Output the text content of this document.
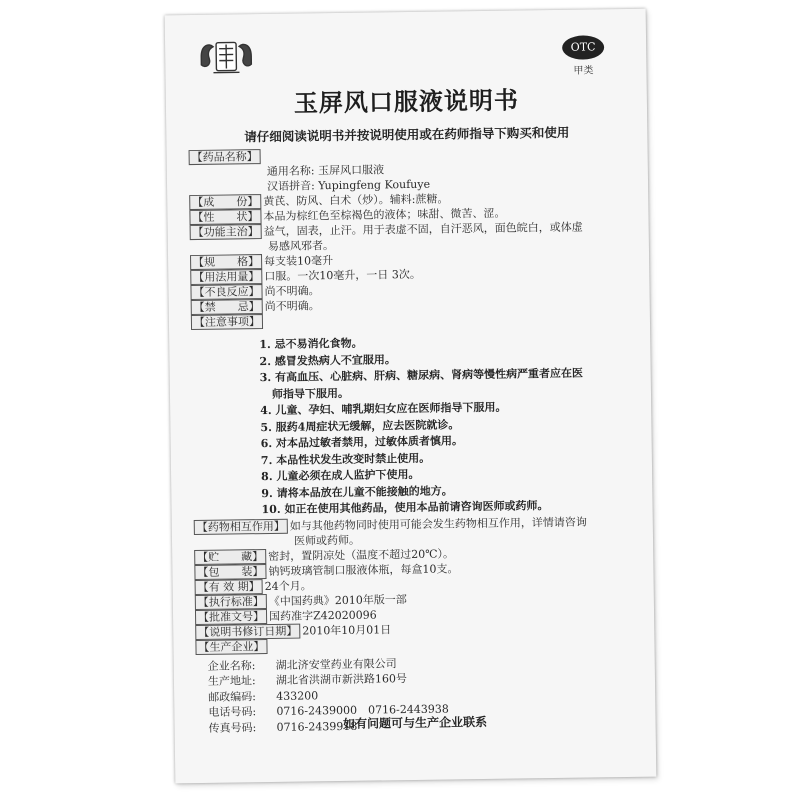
OTC
甲类
玉屏风口服液说明书
请仔细阅读说明书并按说明使用或在药师指导下购买和使用
【药品名称】
通用名称: 玉屏风口服液
汉语拼音: Yupingfeng Koufuye
【 成 份 】 黄芪、防风、白术（炒）。辅料:蔗糖。
【 性 状 】 本品为棕红色至棕褐色的液体；味甜、微苦、涩。
【功能主治】 益气，固表，止汗。用于表虚不固，自汗恶风，面色皖白，或体虚
易感风邪者。
【 规 格 】 每支装10毫升
【用法用量】 口服。一次10毫升，一日 3次。
【不良反应】 尚不明确。
【 禁 忌 】 尚不明确。
【注意事项】
1. 忌不易消化食物。
2. 感冒发热病人不宜服用。
3. 有高血压、心脏病、肝病、糖尿病、肾病等慢性病严重者应在医
师指导下服用。
4. 儿童、孕妇、哺乳期妇女应在医师指导下服用。
5. 服药4周症状无缓解，应去医院就诊。
6. 对本品过敏者禁用，过敏体质者慎用。
7. 本品性状发生改变时禁止使用。
8. 儿童必须在成人监护下使用。
9. 请将本品放在儿童不能接触的地方。
10. 如正在使用其他药品，使用本品前请咨询医师或药师。
【药物相互作用】 如与其他药物同时使用可能会发生药物相互作用，详情请咨询
医师或药师。
【 贮 藏 】 密封，置阴凉处（温度不超过20℃）。
【 包 装 】 钠钙玻璃管制口服液体瓶，每盒10支。
【有 效 期】 24个月。
【执行标准】 《中国药典》2010年版一部
【批准文号】 国药准字Z42020096
【说明书修订日期】 2010年10月01日
【生产企业】
企业名称:	湖北济安堂药业有限公司
生产地址:	湖北省洪湖市新洪路160号
邮政编码:	433200
电话号码:	0716-2439000　0716-2443938
传真号码:	0716-2439918
如有问题可与生产企业联系
